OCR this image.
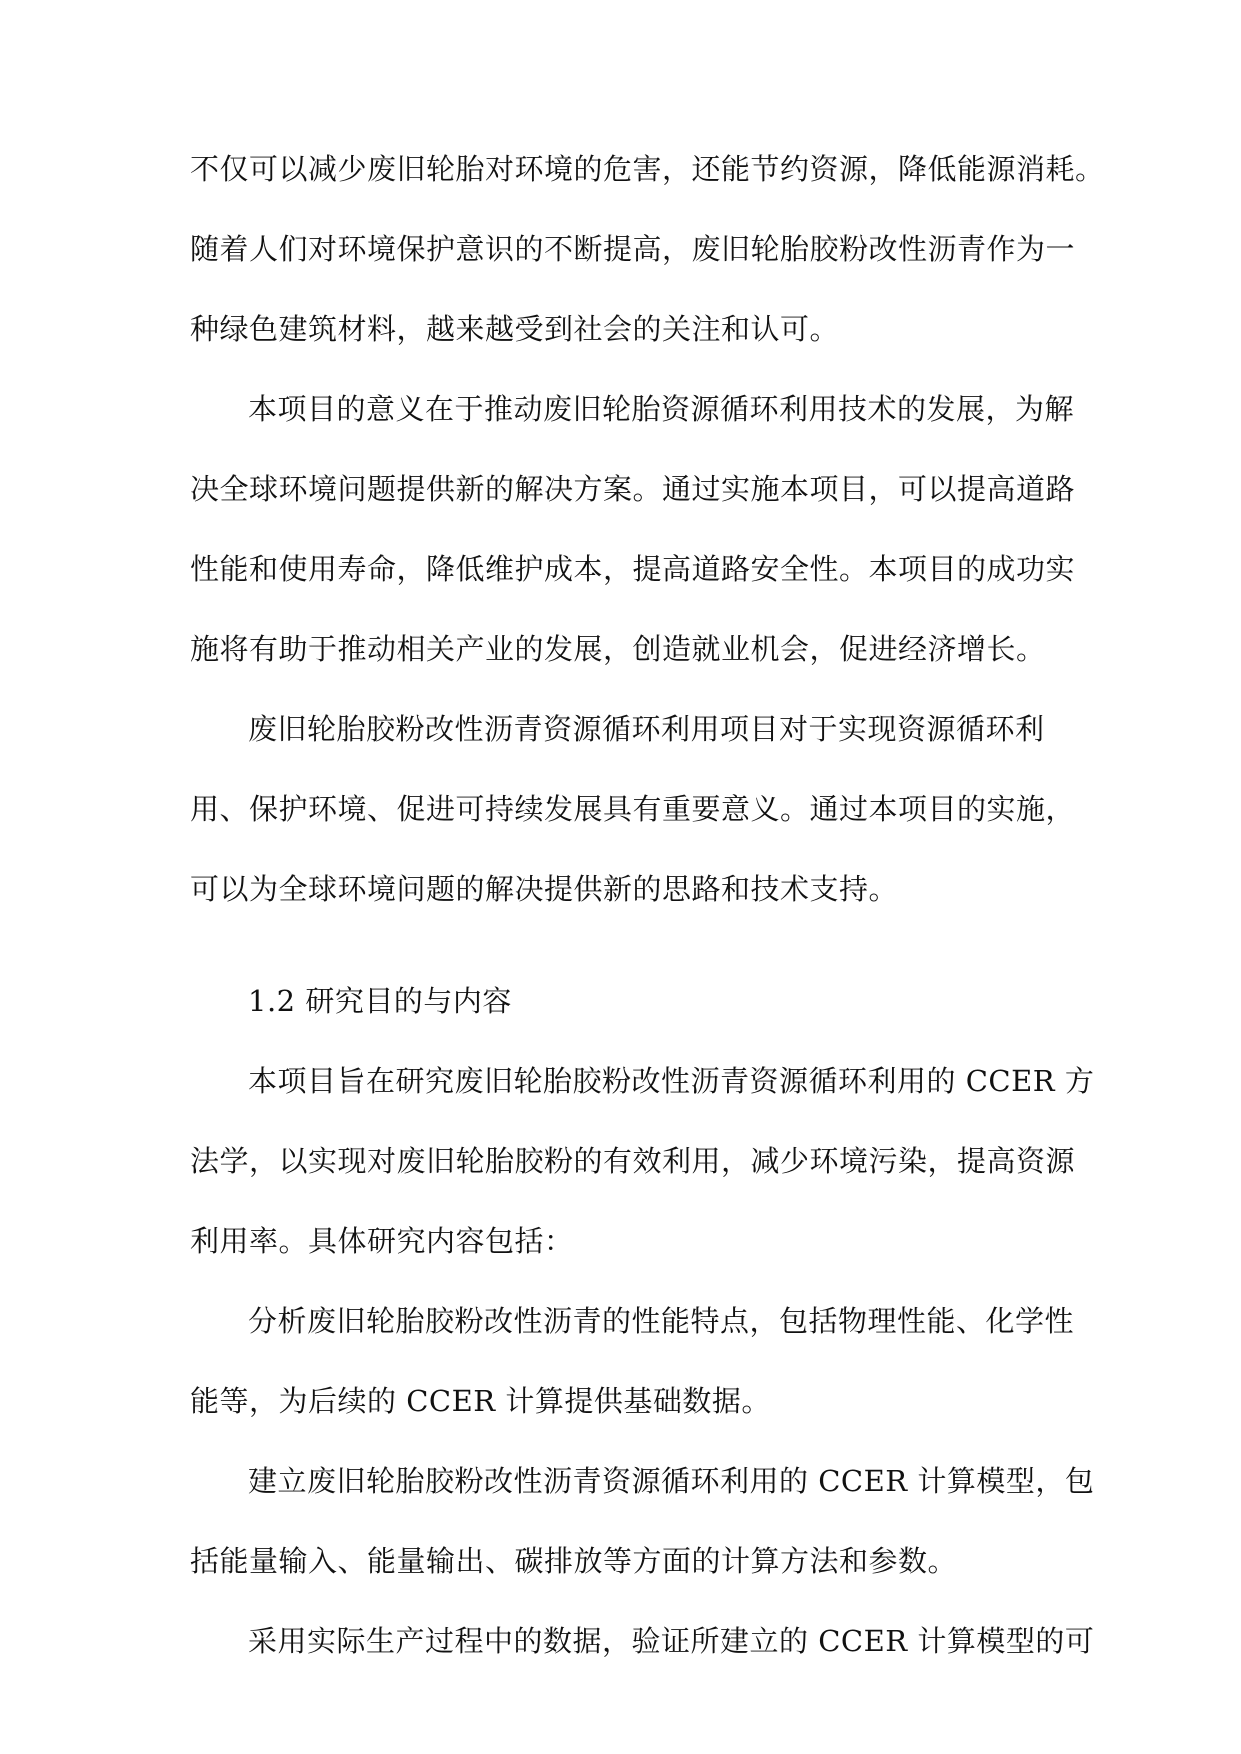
不仅可以减少废旧轮胎对环境的危害，还能节约资源，降低能源消耗。
随着人们对环境保护意识的不断提高，废旧轮胎胶粉改性沥青作为一
种绿色建筑材料，越来越受到社会的关注和认可。
本项目的意义在于推动废旧轮胎资源循环利用技术的发展，为解
决全球环境问题提供新的解决方案。通过实施本项目，可以提高道路
性能和使用寿命，降低维护成本，提高道路安全性。本项目的成功实
施将有助于推动相关产业的发展，创造就业机会，促进经济增长。
废旧轮胎胶粉改性沥青资源循环利用项目对于实现资源循环利
用、保护环境、促进可持续发展具有重要意义。通过本项目的实施，
可以为全球环境问题的解决提供新的思路和技术支持。
1.2 研究目的与内容
本项目旨在研究废旧轮胎胶粉改性沥青资源循环利用的 CCER 方
法学，以实现对废旧轮胎胶粉的有效利用，减少环境污染，提高资源
利用率。具体研究内容包括：
分析废旧轮胎胶粉改性沥青的性能特点，包括物理性能、化学性
能等，为后续的 CCER 计算提供基础数据。
建立废旧轮胎胶粉改性沥青资源循环利用的 CCER 计算模型，包
括能量输入、能量输出、碳排放等方面的计算方法和参数。
采用实际生产过程中的数据，验证所建立的 CCER 计算模型的可
